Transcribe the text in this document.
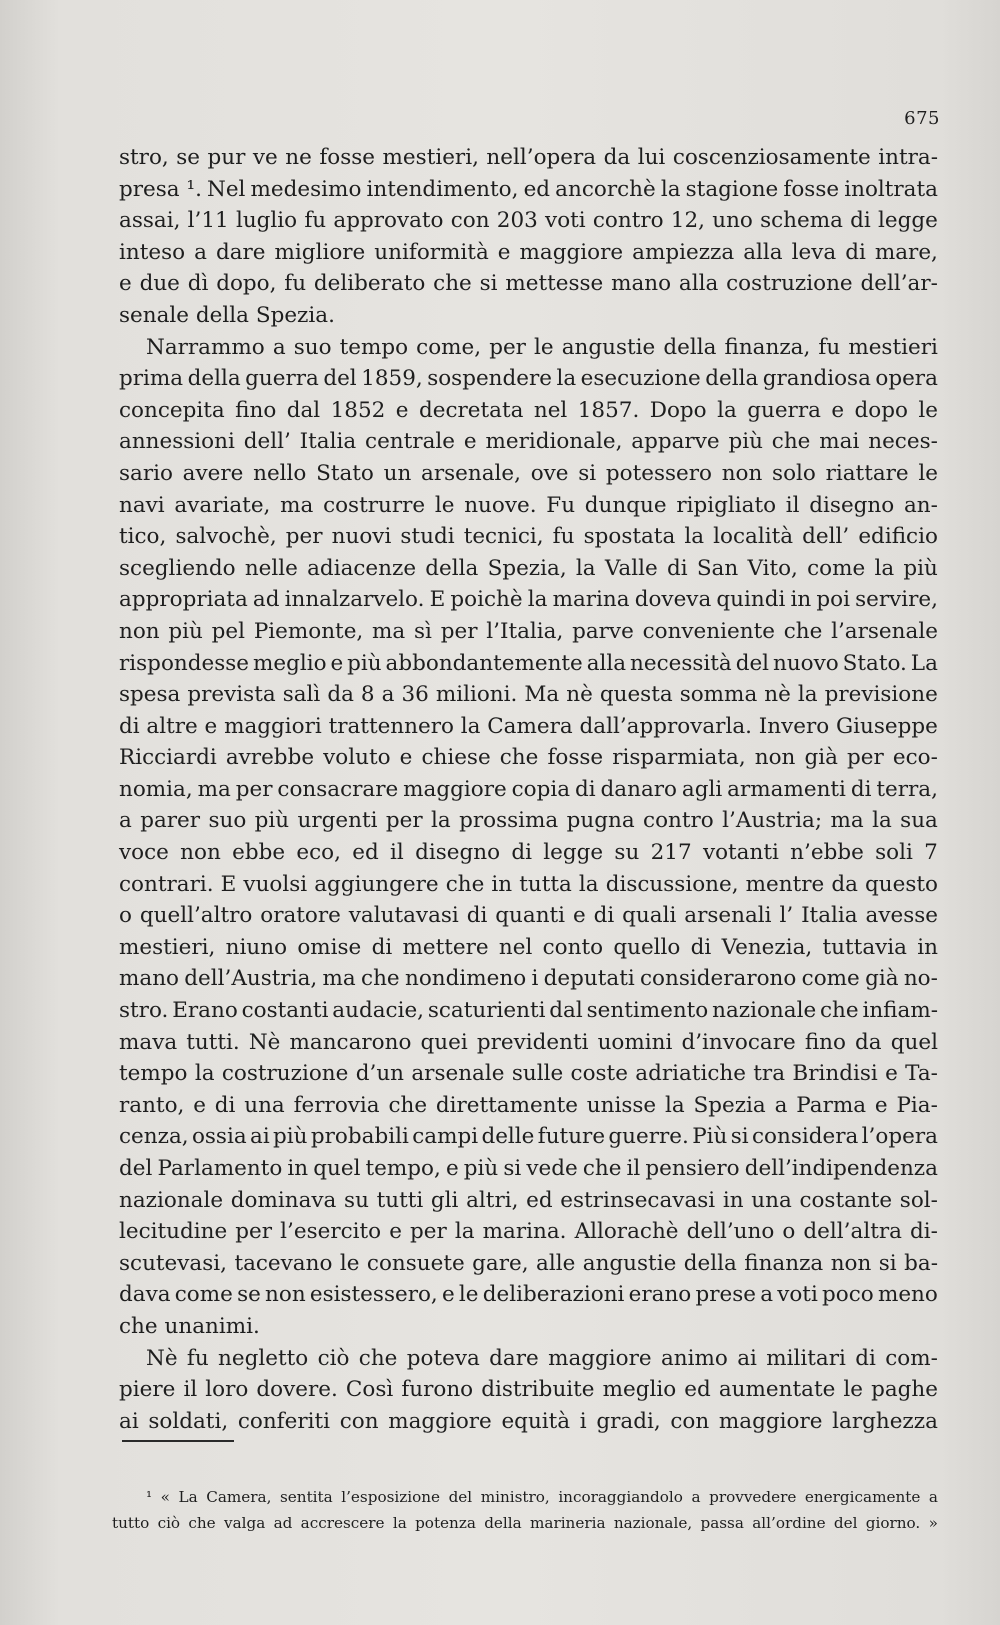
675
stro, se pur ve ne fosse mestieri, nell’opera da lui coscenziosamente intra-
presa ¹. Nel medesimo intendimento, ed ancorchè la stagione fosse inoltrata
assai, l’11 luglio fu approvato con 203 voti contro 12, uno schema di legge
inteso a dare migliore uniformità e maggiore ampiezza alla leva di mare,
e due dì dopo, fu deliberato che si mettesse mano alla costruzione dell’ar-
senale della Spezia.
Narrammo a suo tempo come, per le angustie della finanza, fu mestieri
prima della guerra del 1859, sospendere la esecuzione della grandiosa opera
concepita fino dal 1852 e decretata nel 1857. Dopo la guerra e dopo le
annessioni dell’ Italia centrale e meridionale, apparve più che mai neces-
sario avere nello Stato un arsenale, ove si potessero non solo riattare le
navi avariate, ma costrurre le nuove. Fu dunque ripigliato il disegno an-
tico, salvochè, per nuovi studi tecnici, fu spostata la località dell’ edificio
scegliendo nelle adiacenze della Spezia, la Valle di San Vito, come la più
appropriata ad innalzarvelo. E poichè la marina doveva quindi in poi servire,
non più pel Piemonte, ma sì per l’Italia, parve conveniente che l’arsenale
rispondesse meglio e più abbondantemente alla necessità del nuovo Stato. La
spesa prevista salì da 8 a 36 milioni. Ma nè questa somma nè la previsione
di altre e maggiori trattennero la Camera dall’approvarla. Invero Giuseppe
Ricciardi avrebbe voluto e chiese che fosse risparmiata, non già per eco-
nomia, ma per consacrare maggiore copia di danaro agli armamenti di terra,
a parer suo più urgenti per la prossima pugna contro l’Austria; ma la sua
voce non ebbe eco, ed il disegno di legge su 217 votanti n’ebbe soli 7
contrari. E vuolsi aggiungere che in tutta la discussione, mentre da questo
o quell’altro oratore valutavasi di quanti e di quali arsenali l’ Italia avesse
mestieri, niuno omise di mettere nel conto quello di Venezia, tuttavia in
mano dell’Austria, ma che nondimeno i deputati considerarono come già no-
stro. Erano costanti audacie, scaturienti dal sentimento nazionale che infiam-
mava tutti. Nè mancarono quei previdenti uomini d’invocare fino da quel
tempo la costruzione d’un arsenale sulle coste adriatiche tra Brindisi e Ta-
ranto, e di una ferrovia che direttamente unisse la Spezia a Parma e Pia-
cenza, ossia ai più probabili campi delle future guerre. Più si considera l’opera
del Parlamento in quel tempo, e più si vede che il pensiero dell’indipendenza
nazionale dominava su tutti gli altri, ed estrinsecavasi in una costante sol-
lecitudine per l’esercito e per la marina. Allorachè dell’uno o dell’altra di-
scutevasi, tacevano le consuete gare, alle angustie della finanza non si ba-
dava come se non esistessero, e le deliberazioni erano prese a voti poco meno
che unanimi.
Nè fu negletto ciò che poteva dare maggiore animo ai militari di com-
piere il loro dovere. Così furono distribuite meglio ed aumentate le paghe
ai soldati, conferiti con maggiore equità i gradi, con maggiore larghezza
¹ « La Camera, sentita l’esposizione del ministro, incoraggiandolo a provvedere energicamente a
tutto ciò che valga ad accrescere la potenza della marineria nazionale, passa all’ordine del giorno. »
